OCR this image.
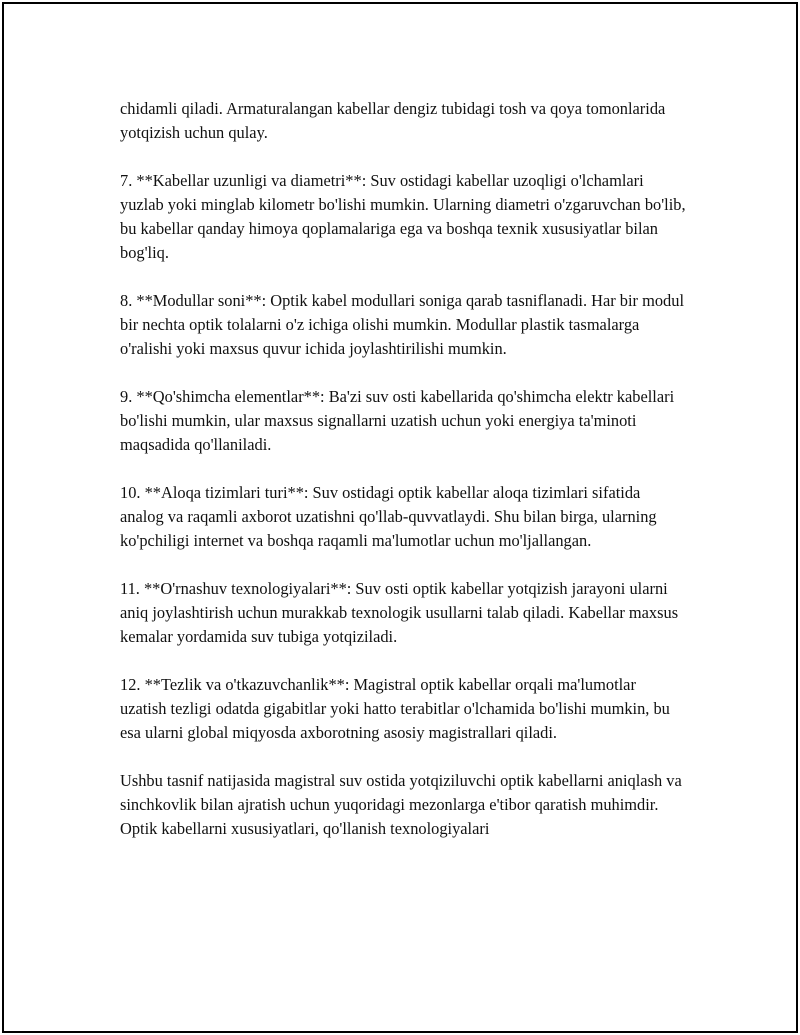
chidamli qiladi. Armaturalangan kabellar dengiz tubidagi tosh va qoya tomonlarida yotqizish uchun qulay.

7. **Kabellar uzunligi va diametri**: Suv ostidagi kabellar uzoqligi o'lchamlari yuzlab yoki minglab kilometr bo'lishi mumkin. Ularning diametri o'zgaruvchan bo'lib, bu kabellar qanday himoya qoplamalariga ega va boshqa texnik xususiyatlar bilan bog'liq.

8. **Modullar soni**: Optik kabel modullari soniga qarab tasniflanadi. Har bir modul bir nechta optik tolalarni o'z ichiga olishi mumkin. Modullar plastik tasmalarga o'ralishi yoki maxsus quvur ichida joylashtirilishi mumkin.

9. **Qo'shimcha elementlar**: Ba'zi suv osti kabellarida qo'shimcha elektr kabellari bo'lishi mumkin, ular maxsus signallarni uzatish uchun yoki energiya ta'minoti maqsadida qo'llaniladi.

10. **Aloqa tizimlari turi**: Suv ostidagi optik kabellar aloqa tizimlari sifatida analog va raqamli axborot uzatishni qo'llab-quvvatlaydi. Shu bilan birga, ularning ko'pchiligi internet va boshqa raqamli ma'lumotlar uchun mo'ljallangan.

11. **O'rnashuv texnologiyalari**: Suv osti optik kabellar yotqizish jarayoni ularni aniq joylashtirish uchun murakkab texnologik usullarni talab qiladi. Kabellar maxsus kemalar yordamida suv tubiga yotqiziladi.

12. **Tezlik va o'tkazuvchanlik**: Magistral optik kabellar orqali ma'lumotlar uzatish tezligi odatda gigabitlar yoki hatto terabitlar o'lchamida bo'lishi mumkin, bu esa ularni global miqyosda axborotning asosiy magistrallari qiladi.

Ushbu tasnif natijasida magistral suv ostida yotqiziluvchi optik kabellarni aniqlash va sinchkovlik bilan ajratish uchun yuqoridagi mezonlarga e'tibor qaratish muhimdir. Optik kabellarni xususiyatlari, qo'llanish texnologiyalari
